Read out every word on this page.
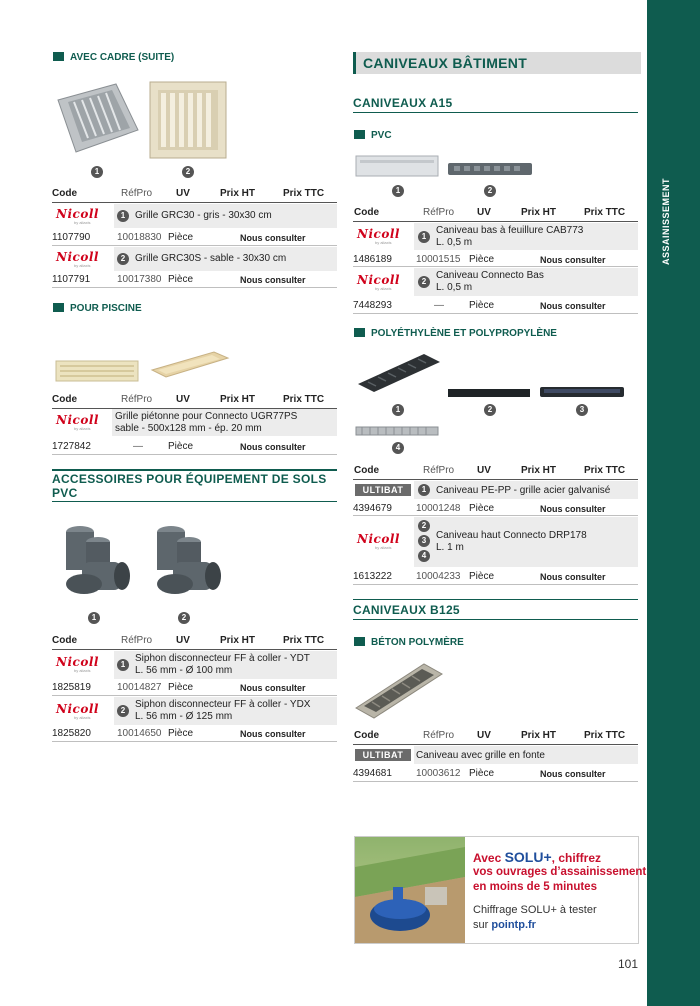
ASSAINISSEMENT
AVEC CADRE (SUITE)
1	2
Code	RéfPro UV	Prix HT	Prix TTC
Nicoll
by aliaxis
1 Grille GRC30 - gris - 30x30 cm
1107790	10018830 Pièce	Nous consulter
Nicoll
by aliaxis
2 Grille GRC30S - sable - 30x30 cm
1107791	10017380 Pièce	Nous consulter
POUR PISCINE
Code	RéfPro UV	Prix HT	Prix TTC
Nicoll
by aliaxis
Grille piétonne pour Connecto UGR77PS
sable - 500x128 mm - ép. 20 mm
1727842	—	Pièce	Nous consulter
ACCESSOIRES POUR ÉQUIPEMENT DE SOLS
PVC
1	2
Code	RéfPro UV	Prix HT	Prix TTC
Nicoll
by aliaxis
1
Siphon disconnecteur FF à coller - YDT
L. 56 mm - Ø 100 mm
1825819	10014827 Pièce	Nous consulter
Nicoll
by aliaxis
2
Siphon disconnecteur FF à coller - YDX
L. 56 mm - Ø 125 mm
1825820	10014650 Pièce	Nous consulter
CANIVEAUX BÂTIMENT
CANIVEAUX A15
PVC
1	2
Code	RéfPro UV	Prix HT	Prix TTC
Nicoll
by aliaxis
1
Caniveau bas à feuillure CAB773
L. 0,5 m
1486189 10001515 Pièce	Nous consulter
Nicoll
by aliaxis
2
Caniveau Connecto Bas
L. 0,5 m
7448293	—	Pièce	Nous consulter
POLYÉTHYLÈNE ET POLYPROPYLÈNE
1	2	3
4
Code	RéfPro UV	Prix HT	Prix TTC
ULTIBAT	1 Caniveau PE-PP - grille acier galvanisé
4394679 10001248 Pièce	Nous consulter
Nicoll
by aliaxis
2
3
4
Caniveau haut Connecto DRP178
L. 1 m
1613222 10004233 Pièce	Nous consulter
CANIVEAUX B125
BÉTON POLYMÈRE
Code	RéfPro UV	Prix HT	Prix TTC
ULTIBAT	Caniveau avec grille en fonte
4394681 10003612 Pièce	Nous consulter
Avec SOLU+, chiffrez
vos ouvrages d’assainissement
en moins de 5 minutes
Chiffrage SOLU+ à tester
sur pointp.fr
101
